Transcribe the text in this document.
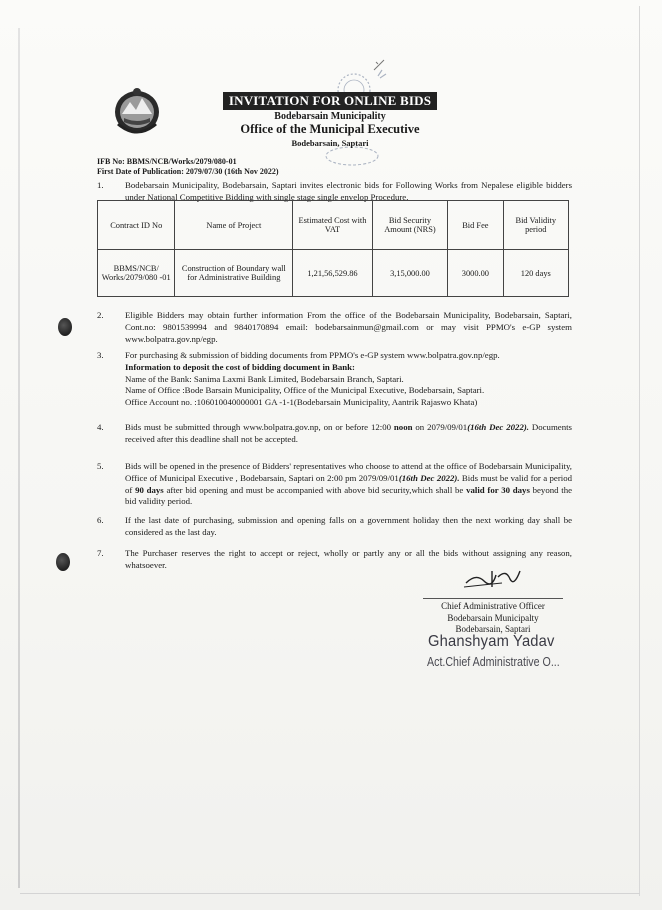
INVITATION FOR ONLINE BIDS
Bodebarsain Municipality
Office of the Municipal Executive
Bodebarsain, Saptari
IFB No: BBMS/NCB/Works/2079/080-01
First Date of Publication: 2079/07/30 (16th Nov 2022)
1.	Bodebarsain Municipality, Bodebarsain, Saptari invites electronic bids for Following Works from Nepalese eligible bidders under National Competitive Bidding with single stage single envelop Procedure.
Contract ID No	Name of Project	Estimated Cost with VAT	Bid Security Amount (NRS)	Bid Fee	Bid Validity period
BBMS/NCB/ Works/2079/080 -01	Construction of Boundary wall for Administrative Building	1,21,56,529.86	3,15,000.00	3000.00	120 days
2.	Eligible Bidders may obtain further information From the office of the Bodebarsain Municipality, Bodebarsain, Saptari, Cont.no: 9801539994 and 9840170894 email: bodebarsainmun@gmail.com or may visit PPMO's e-GP system www.bolpatra.gov.np/egp.
3.	For purchasing & submission of bidding documents from PPMO's e-GP system www.bolpatra.gov.np/egp.
Information to deposit the cost of bidding document in Bank:
Name of the Bank: Sanima Laxmi Bank Limited, Bodebarsain Branch, Saptari.
Name of Office :Bode Barsain Municipality, Office of the Municipal Executive, Bodebarsain, Saptari.
Office Account no. :106010040000001 GA -1-1(Bodebarsain Municipality, Aantrik Rajaswo Khata)
4.	Bids must be submitted through www.bolpatra.gov.np, on or before 12:00 noon on 2079/09/01(16th Dec 2022). Documents received after this deadline shall not be accepted.
5.	Bids will be opened in the presence of Bidders' representatives who choose to attend at the office of Bodebarsain Municipality, Office of Municipal Executive , Bodebarsain, Saptari on 2:00 pm 2079/09/01(16th Dec 2022). Bids must be valid for a period of 90 days after bid opening and must be accompanied with above bid security,which shall be valid for 30 days beyond the bid validity period.
6.	If the last date of purchasing, submission and opening falls on a government holiday then the next working day shall be considered as the last day.
7.	The Purchaser reserves the right to accept or reject, wholly or partly any or all the bids without assigning any reason, whatsoever.
Chief Administrative Officer
Bodebarsain Municipalty
Bodebarsain, Saptari
Ghanshyam Yadav
Act.Chief Administrative O...
